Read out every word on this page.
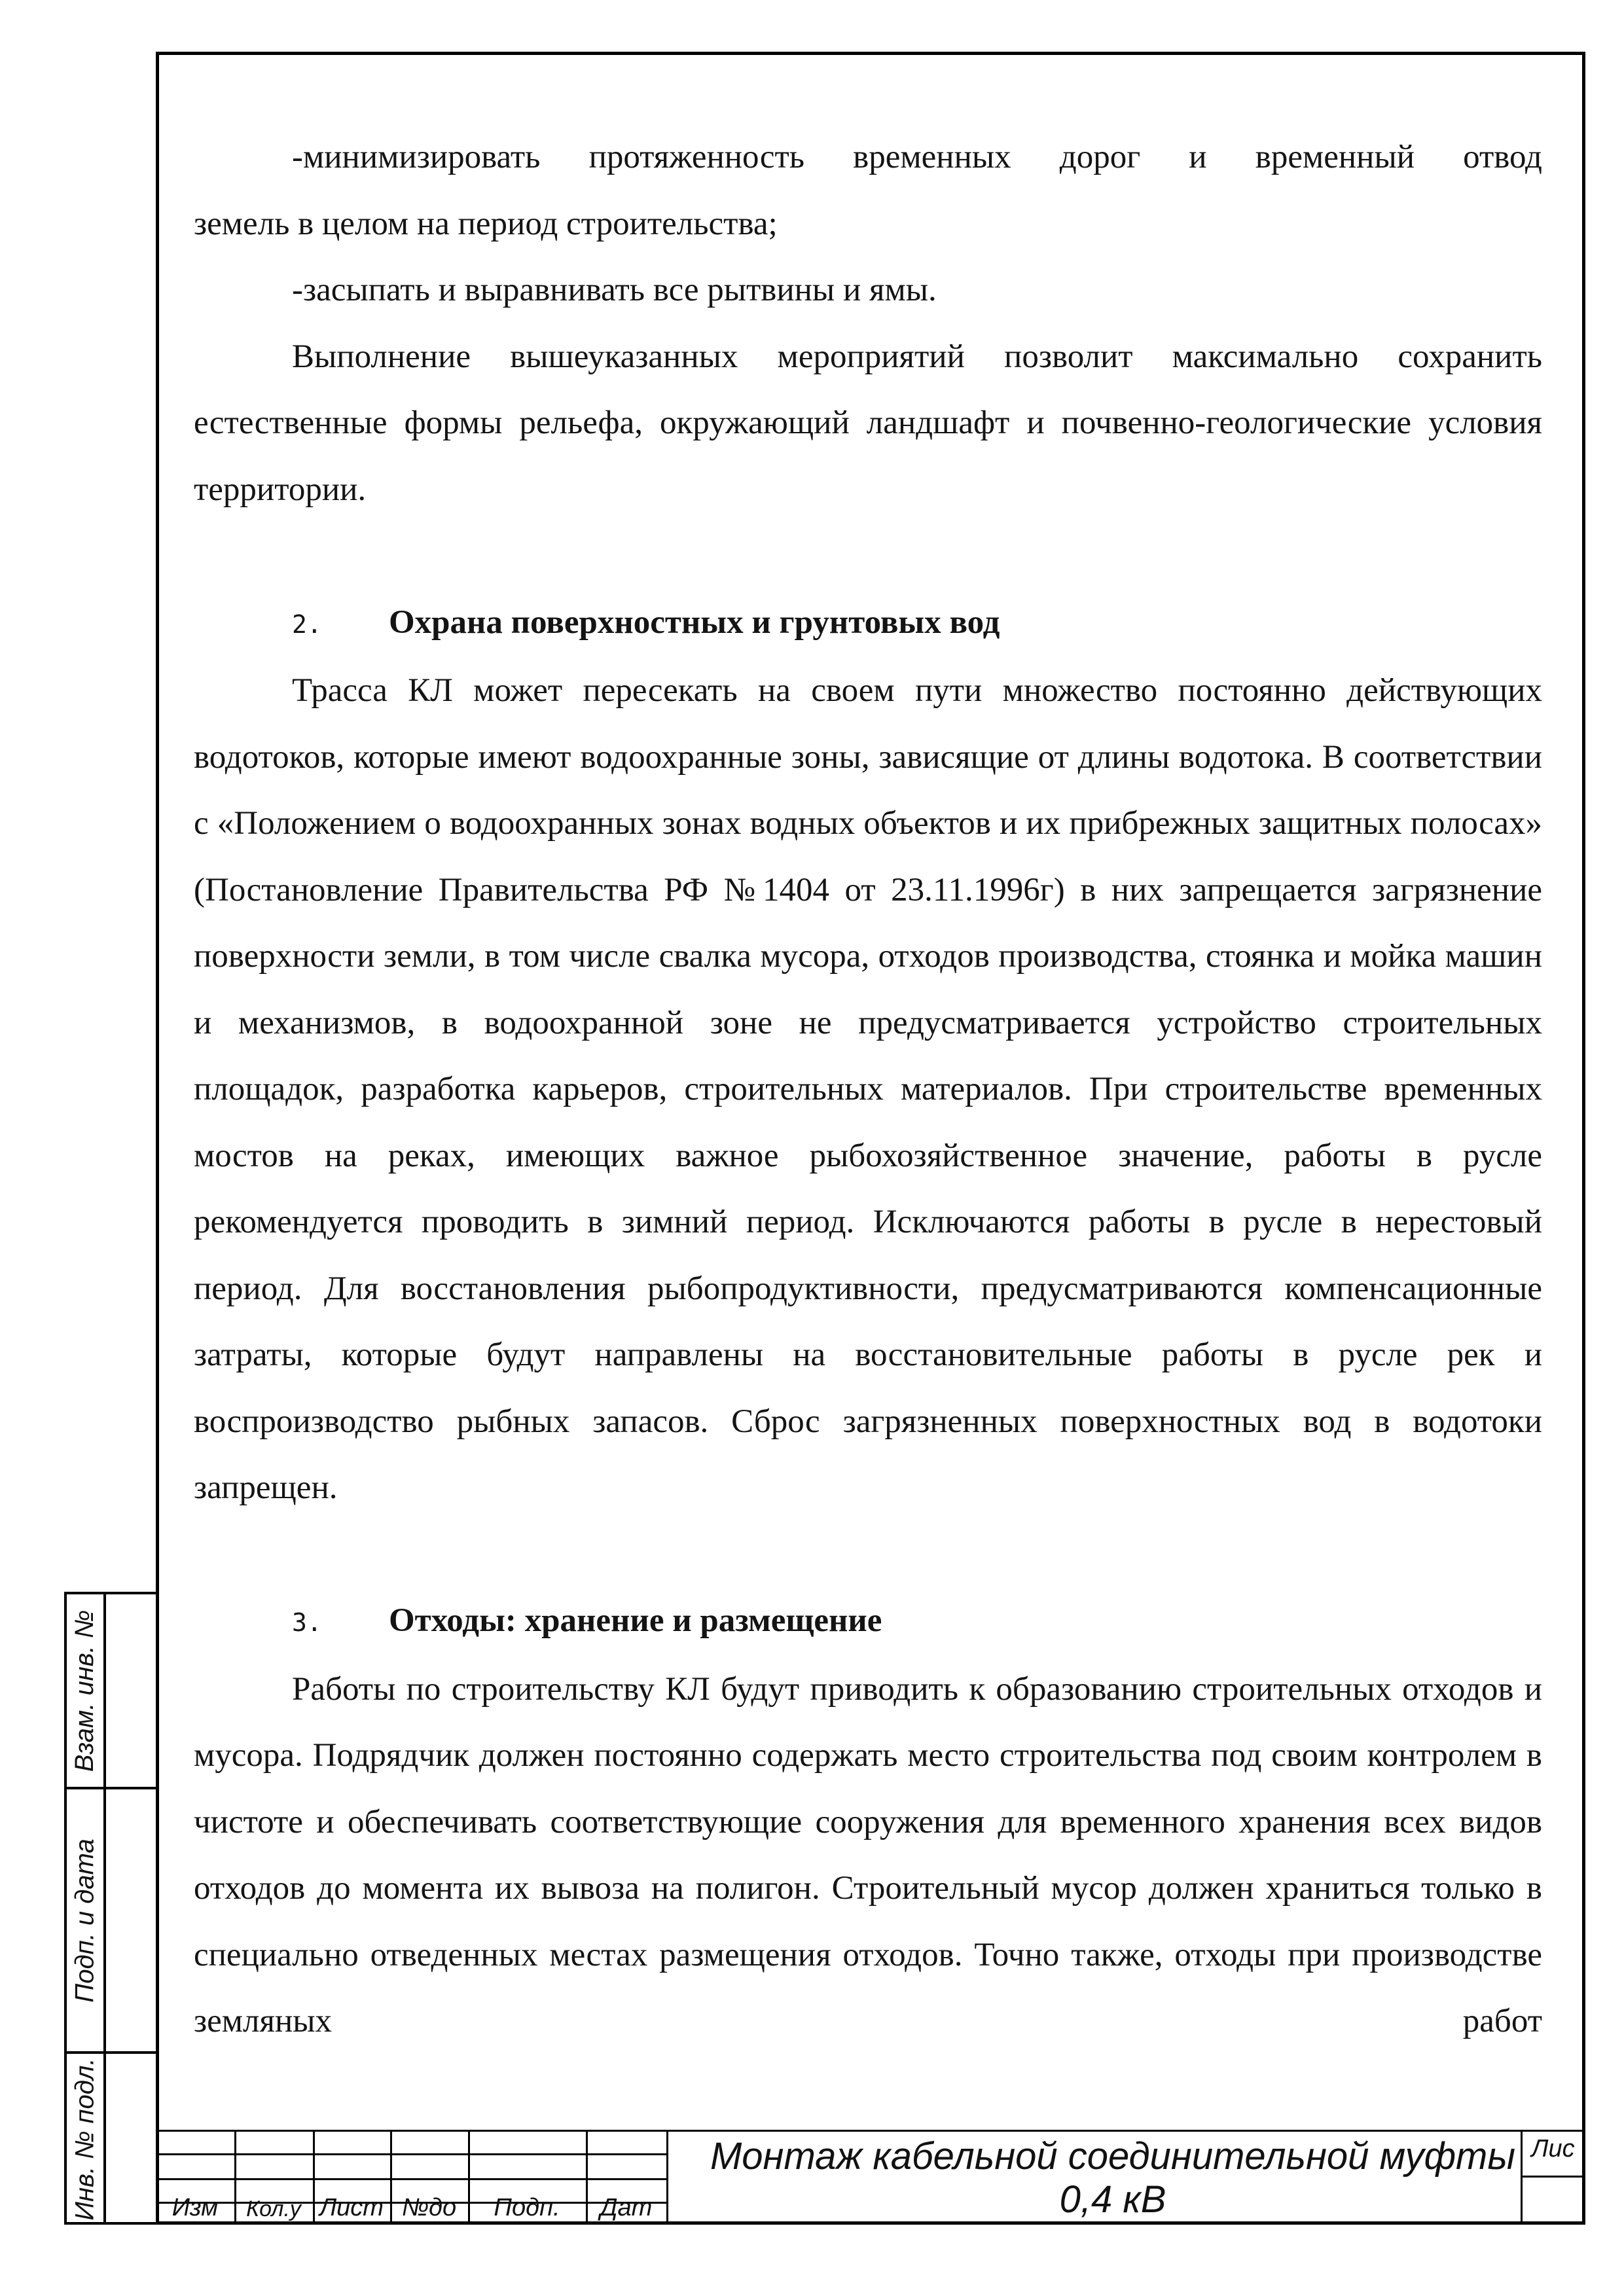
-минимизировать протяженность временных дорог и временный отвод

земель в целом на период строительства;

-засыпать и выравнивать все рытвины и ямы.

Выполнение вышеуказанных мероприятий позволит максимально сохранить естественные формы рельефа, окружающий ландшафт и почвенно-геологические условия территории.

2. Охрана поверхностных и грунтовых вод

Трасса КЛ может пересекать на своем пути множество постоянно действующих водотоков, которые имеют водоохранные зоны, зависящие от длины водотока. В соответствии с «Положением о водоохранных зонах водных объектов и их прибрежных защитных полосах» (Постановление Правительства РФ №1404 от 23.11.1996г) в них запрещается загрязнение поверхности земли, в том числе свалка мусора, отходов производства, стоянка и мойка машин и механизмов, в водоохранной зоне не предусматривается устройство строительных площадок, разработка карьеров, строительных материалов. При строительстве временных мостов на реках, имеющих важное рыбохозяйственное значение, работы в русле рекомендуется проводить в зимний период. Исключаются работы в русле в нерестовый период. Для восстановления рыбопродуктивности, предусматриваются компенсационные затраты, которые будут направлены на восстановительные работы в русле рек и воспроизводство рыбных запасов. Сброс загрязненных поверхностных вод в водотоки запрещен.

3. Отходы: хранение и размещение

Работы по строительству КЛ будут приводить к образованию строительных отходов и мусора. Подрядчик должен постоянно содержать место строительства под своим контролем в чистоте и обеспечивать соответствующие сооружения для временного хранения всех видов отходов до момента их вывоза на полигон. Строительный мусор должен храниться только в специально отведенных местах размещения отходов. Точно также, отходы при производстве земляных работ

Взам. инв. №
Подп. и дата
Инв. № подл.	Изм	Кол.у Лист №до	Подп.	Дат
Монтаж кабельной соединительной муфты
0,4 кВ
Лис
